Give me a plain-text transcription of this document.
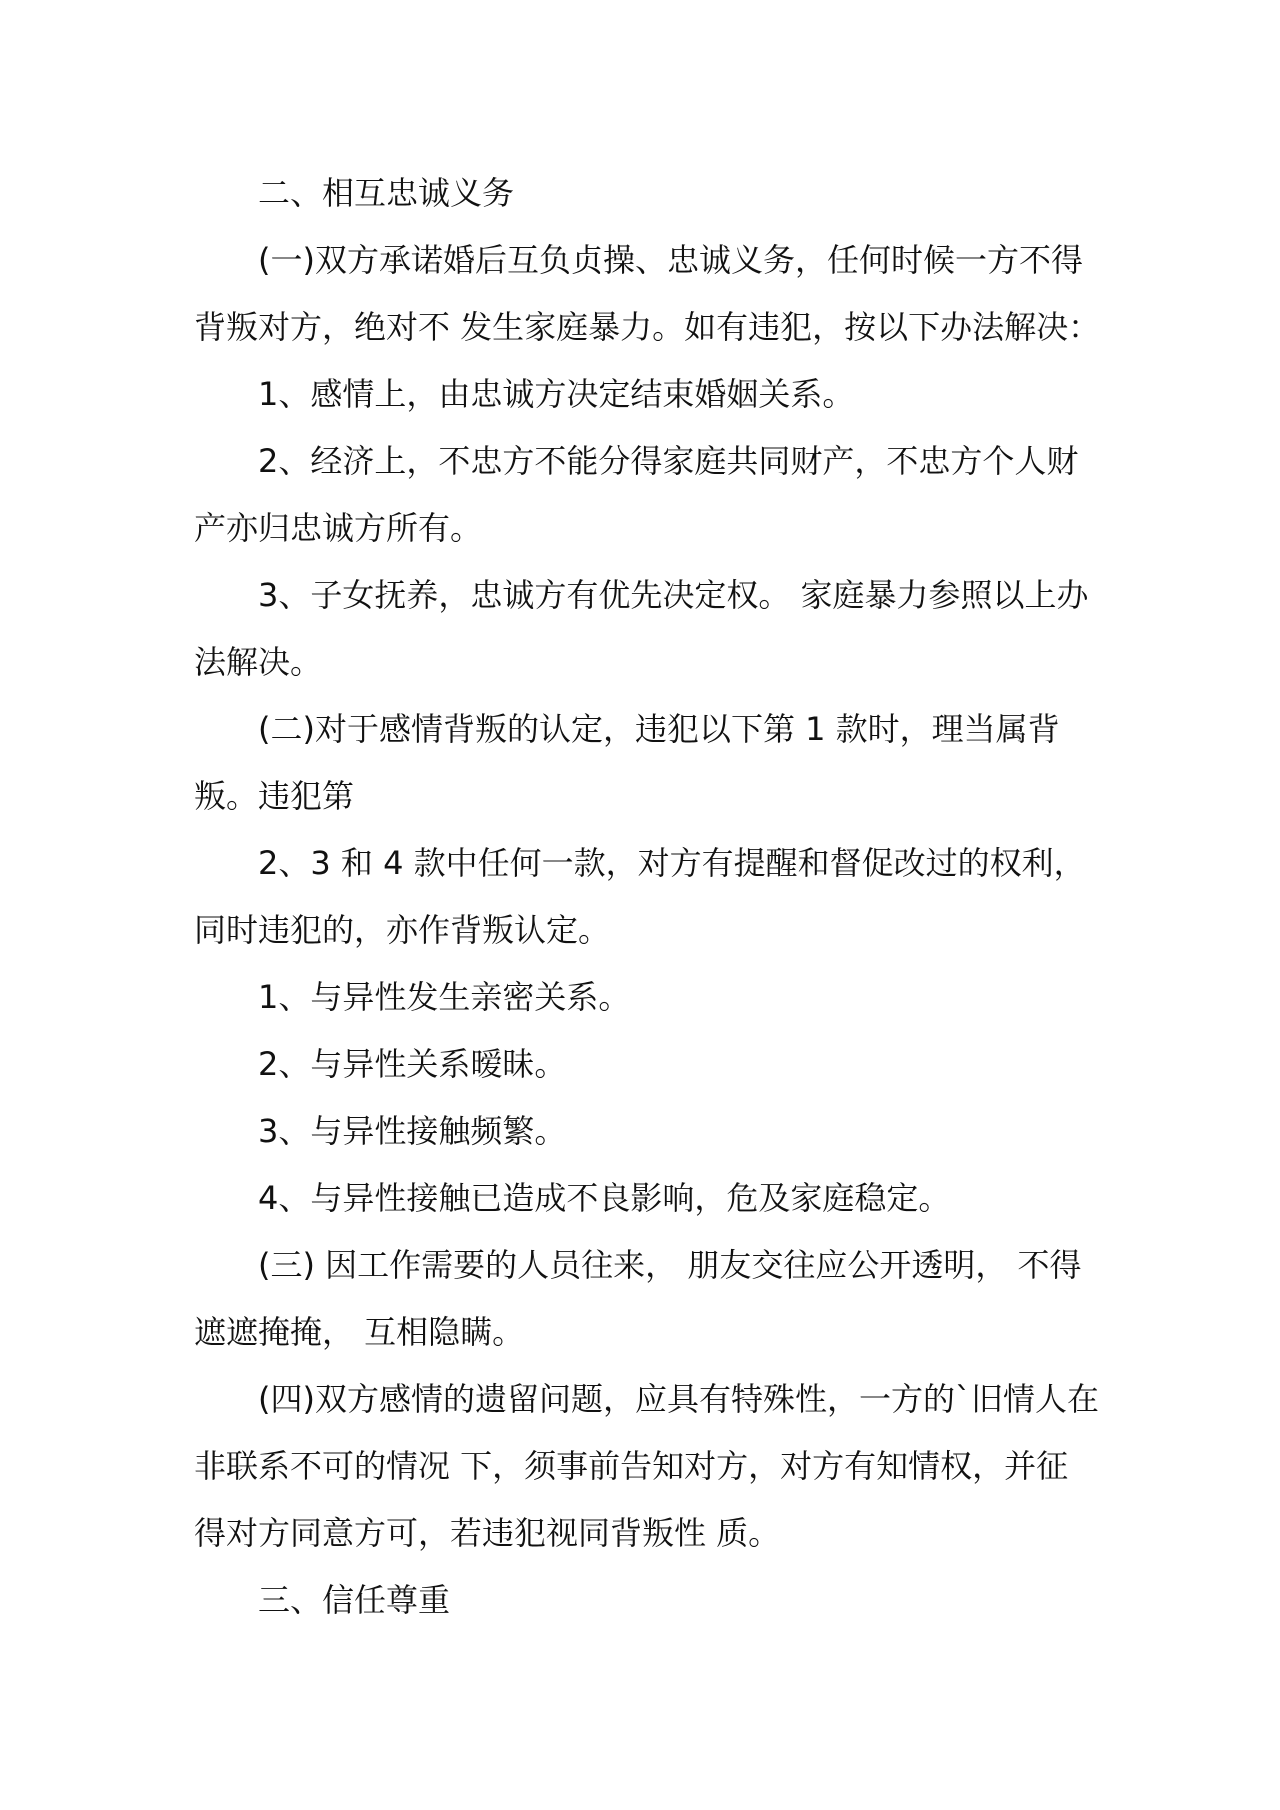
二、相互忠诚义务
(一)双方承诺婚后互负贞操、忠诚义务，任何时候一方不得
背叛对方，绝对不 发生家庭暴力。如有违犯，按以下办法解决：
1、感情上，由忠诚方决定结束婚姻关系。
2、经济上，不忠方不能分得家庭共同财产，不忠方个人财
产亦归忠诚方所有。
3、子女抚养，忠诚方有优先决定权。 家庭暴力参照以上办
法解决。
(二)对于感情背叛的认定，违犯以下第 1 款时，理当属背
叛。违犯第
2、3 和 4 款中任何一款，对方有提醒和督促改过的权利，
同时违犯的，亦作背叛认定。
1、与异性发生亲密关系。
2、与异性关系暧昧。
3、与异性接触频繁。
4、与异性接触已造成不良影响，危及家庭稳定。
(三) 因工作需要的人员往来， 朋友交往应公开透明， 不得
遮遮掩掩， 互相隐瞒。
(四)双方感情的遗留问题，应具有特殊性，一方的`旧情人在
非联系不可的情况 下，须事前告知对方，对方有知情权，并征
得对方同意方可，若违犯视同背叛性 质。
三、信任尊重
